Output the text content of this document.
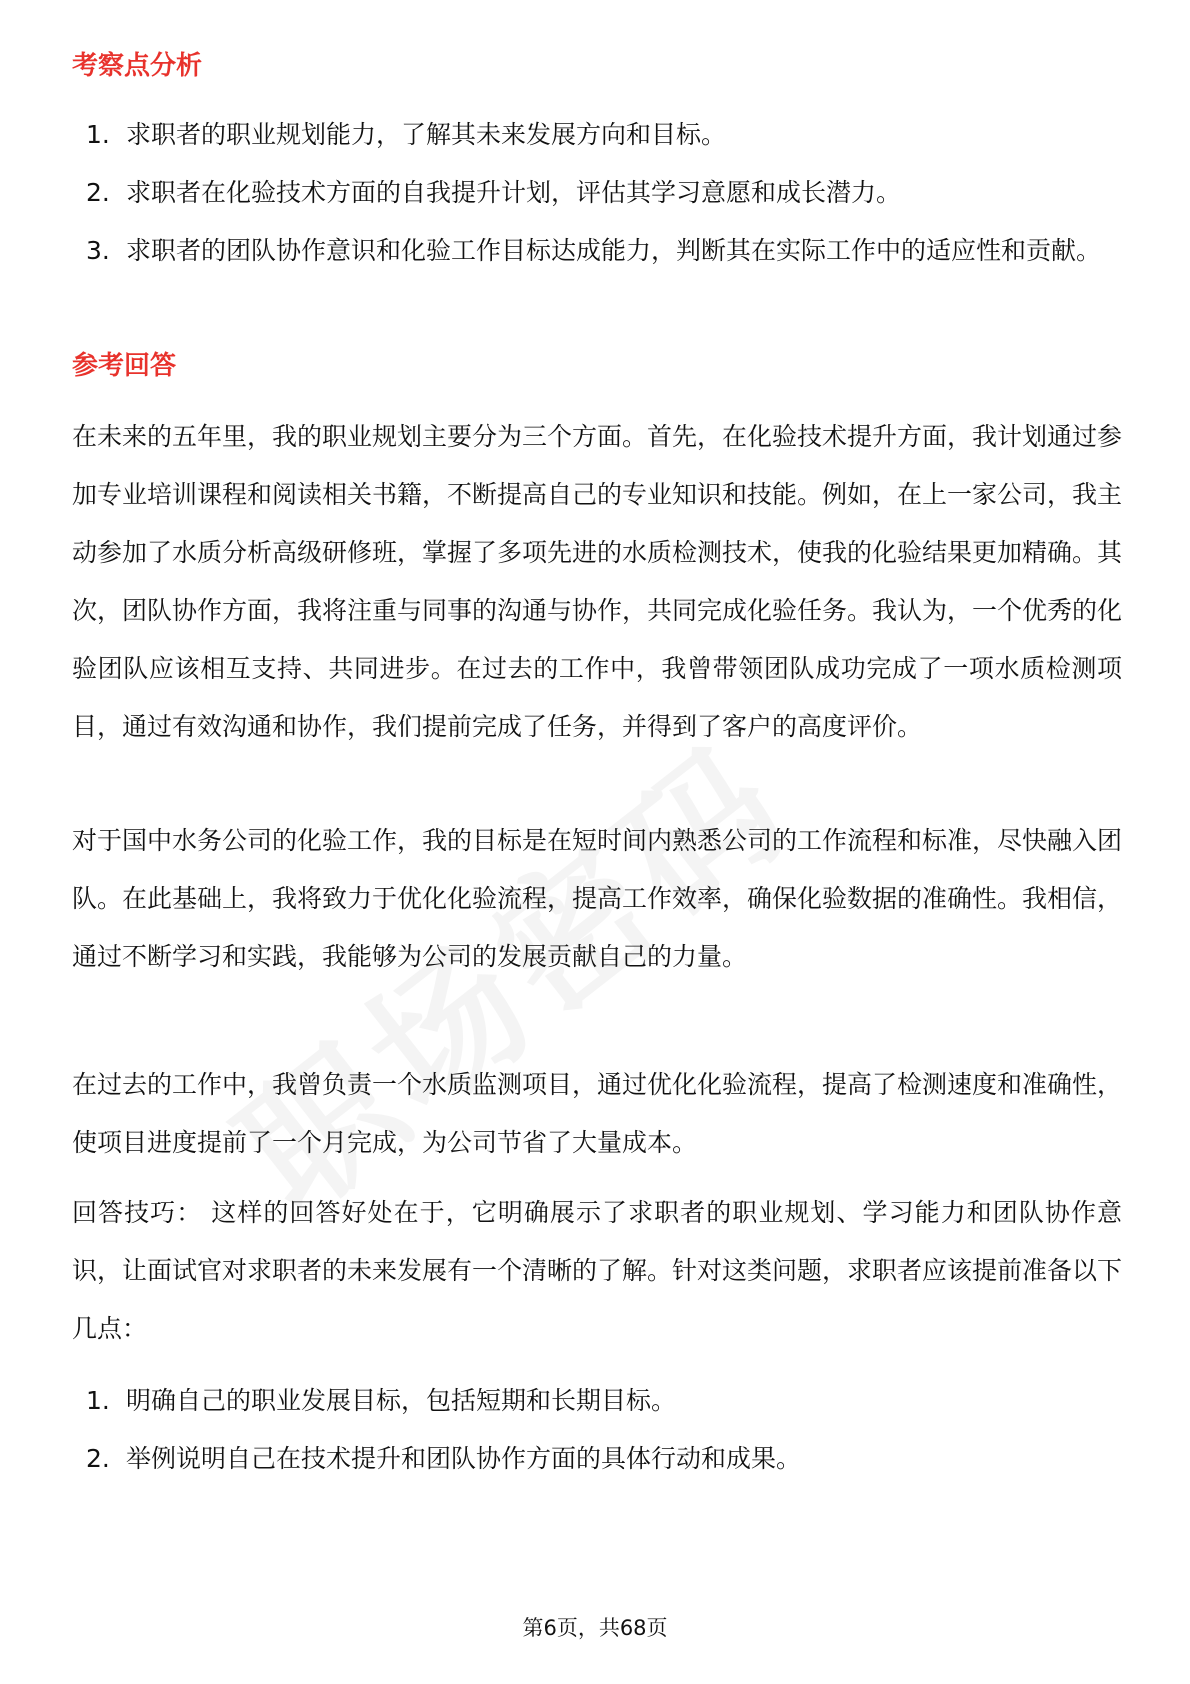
考察点分析
1. 求职者的职业规划能力，了解其未来发展方向和目标。
2. 求职者在化验技术方面的自我提升计划，评估其学习意愿和成长潜力。
3. 求职者的团队协作意识和化验工作目标达成能力，判断其在实际工作中的适应性和贡献。
参考回答

在未来的五年里，我的职业规划主要分为三个方面。首先，在化验技术提升方面，我计划通过参加专业培训课程和阅读相关书籍，不断提高自己的专业知识和技能。例如，在上一家公司，我主动参加了水质分析高级研修班，掌握了多项先进的水质检测技术，使我的化验结果更加精确。其次，团队协作方面，我将注重与同事的沟通与协作，共同完成化验任务。我认为，一个优秀的化验团队应该相互支持、共同进步。在过去的工作中，我曾带领团队成功完成了一项水质检测项目，通过有效沟通和协作，我们提前完成了任务，并得到了客户的高度评价。

对于国中水务公司的化验工作，我的目标是在短时间内熟悉公司的工作流程和标准，尽快融入团队。在此基础上，我将致力于优化化验流程，提高工作效率，确保化验数据的准确性。我相信，通过不断学习和实践，我能够为公司的发展贡献自己的力量。

在过去的工作中，我曾负责一个水质监测项目，通过优化化验流程，提高了检测速度和准确性，使项目进度提前了一个月完成，为公司节省了大量成本。

回答技巧： 这样的回答好处在于，它明确展示了求职者的职业规划、学习能力和团队协作意识，让面试官对求职者的未来发展有一个清晰的了解。针对这类问题，求职者应该提前准备以下几点：

1. 明确自己的职业发展目标，包括短期和长期目标。
2. 举例说明自己在技术提升和团队协作方面的具体行动和成果。
第6页，共68页
